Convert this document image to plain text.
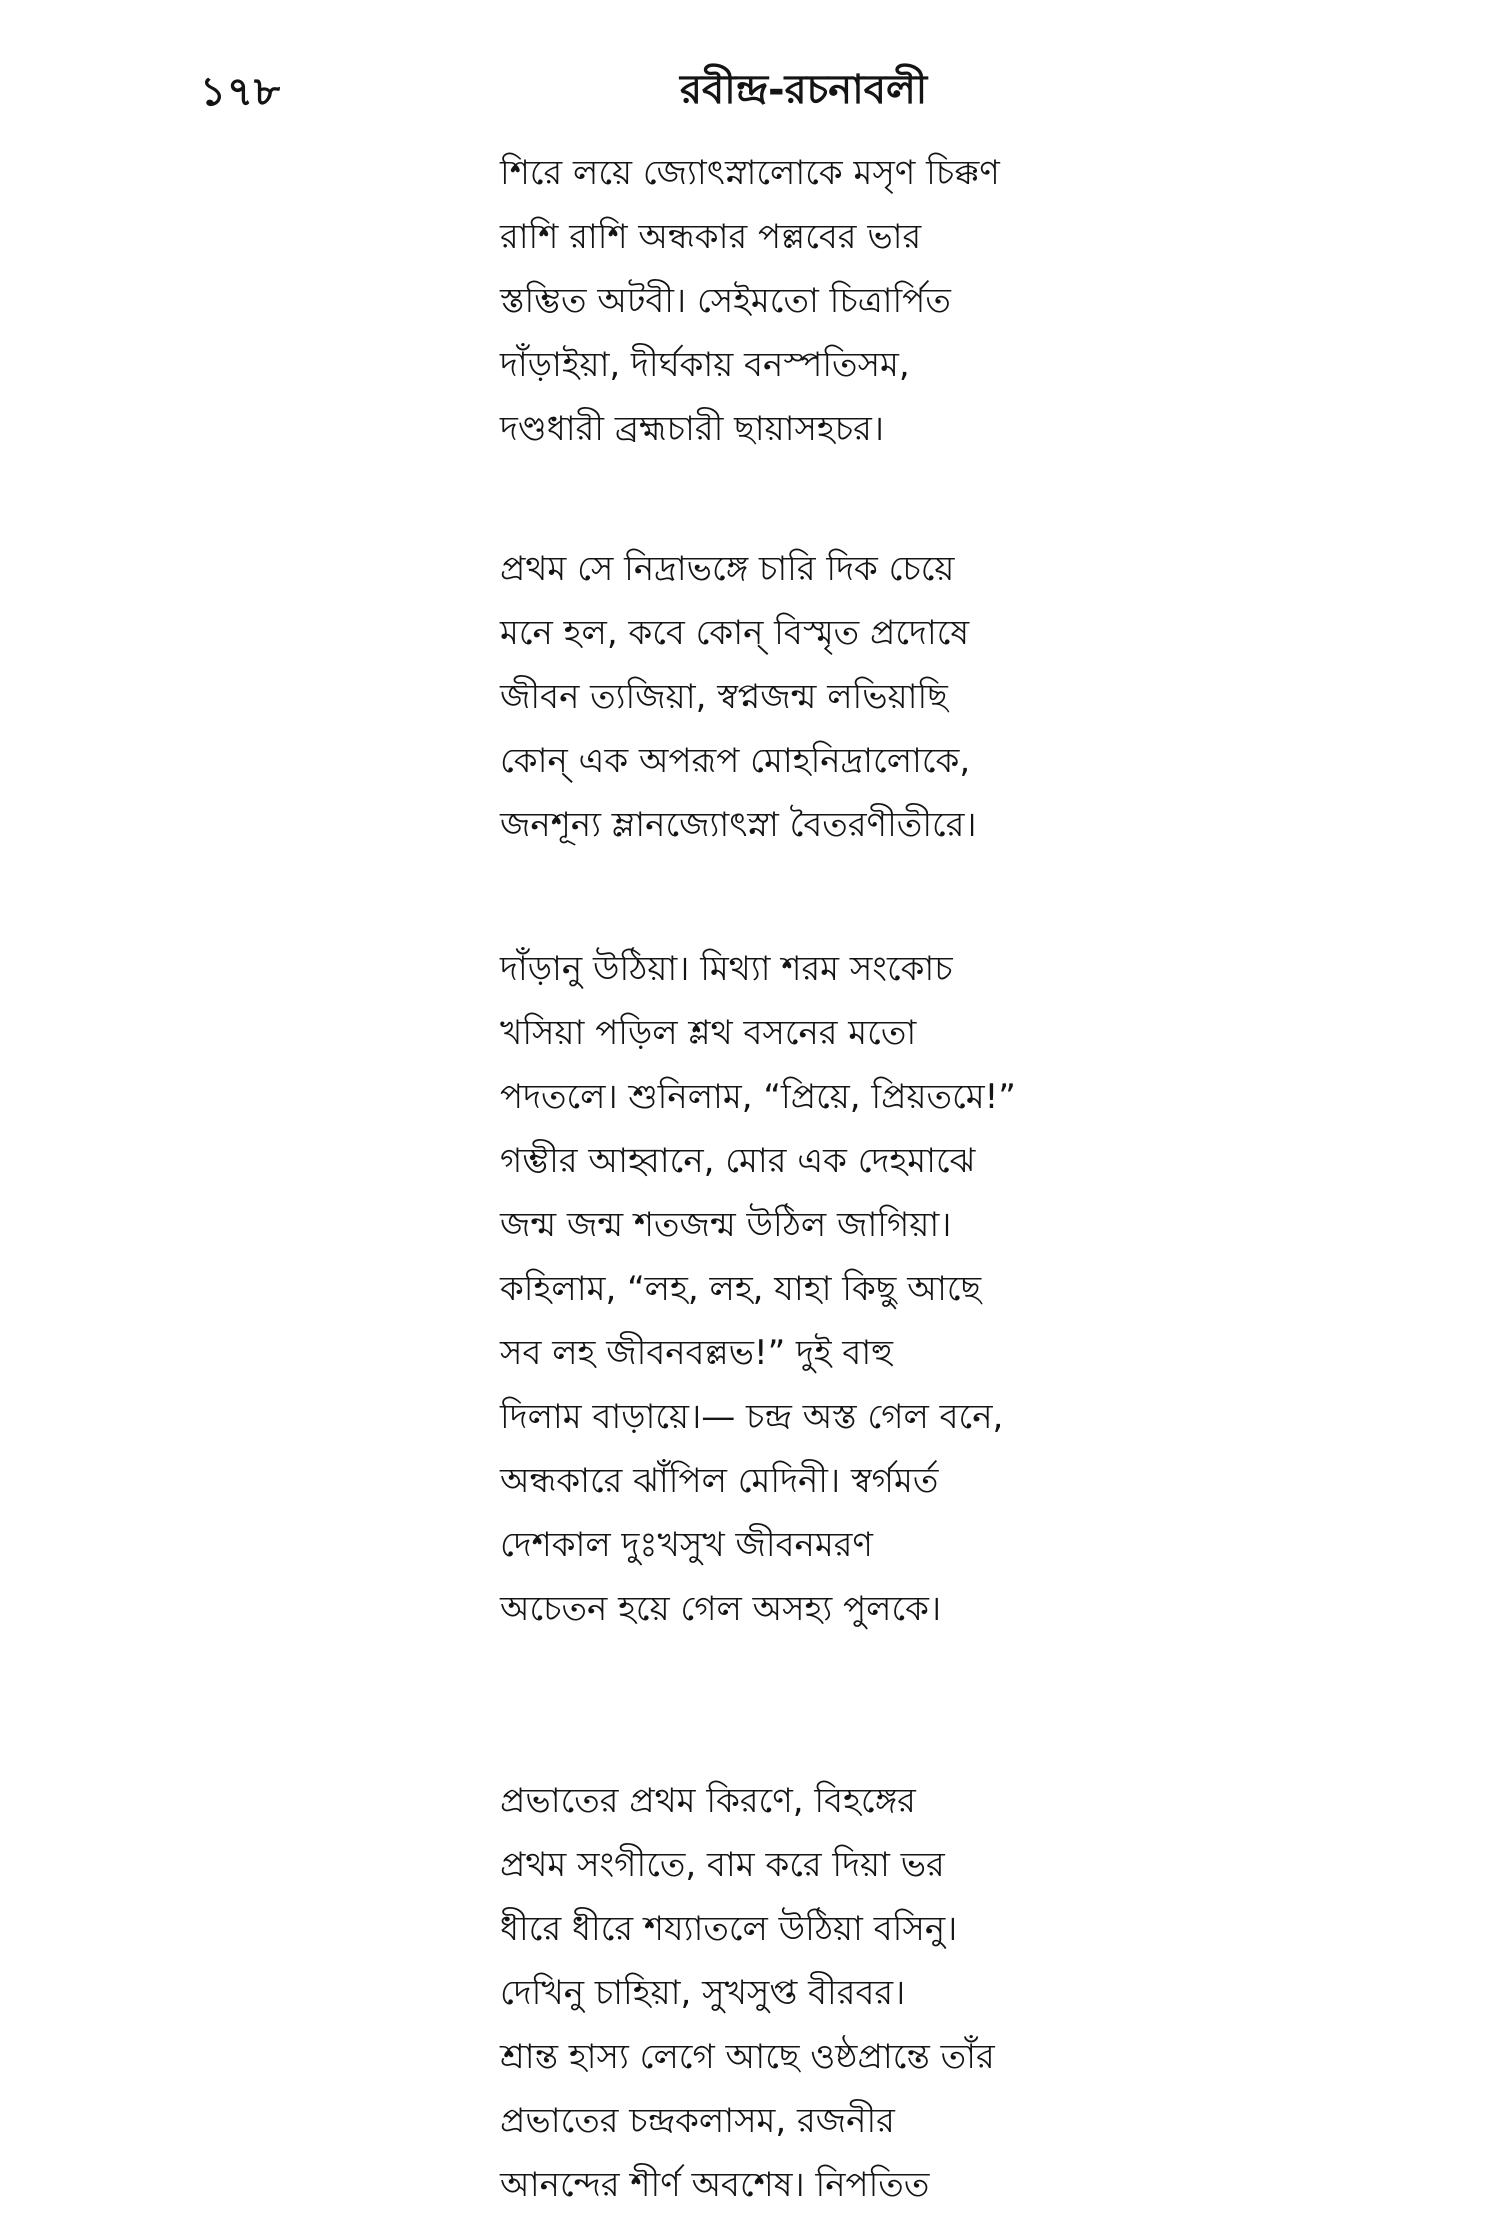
১৭৮	রবীন্দ্র-রচনাবলী
শিরে লয়ে জ্যোৎস্নালোকে মসৃণ চিক্কণ
রাশি রাশি অন্ধকার পল্লবের ভার
স্তম্ভিত অটবী। সেইমতো চিত্রার্পিত
দাঁড়াইয়া, দীর্ঘকায় বনস্পতিসম,
দণ্ডধারী ব্রহ্মচারী ছায়াসহচর।
প্রথম সে নিদ্রাভঙ্গে চারি দিক চেয়ে
মনে হল, কবে কোন্ বিস্মৃত প্রদোষে
জীবন ত্যজিয়া, স্বপ্নজন্ম লভিয়াছি
কোন্ এক অপরূপ মোহনিদ্রালোকে,
জনশূন্য ম্লানজ্যোৎস্না বৈতরণীতীরে।
দাঁড়ানু উঠিয়া। মিথ্যা শরম সংকোচ
খসিয়া পড়িল শ্লথ বসনের মতো
পদতলে। শুনিলাম, “প্রিয়ে, প্রিয়তমে!”
গম্ভীর আহ্বানে, মোর এক দেহমাঝে
জন্ম জন্ম শতজন্ম উঠিল জাগিয়া।
কহিলাম, “লহ, লহ, যাহা কিছু আছে
সব লহ জীবনবল্লভ!” দুই বাহু
দিলাম বাড়ায়ে।— চন্দ্র অস্ত গেল বনে,
অন্ধকারে ঝাঁপিল মেদিনী। স্বর্গমর্ত
দেশকাল দুঃখসুখ জীবনমরণ
অচেতন হয়ে গেল অসহ্য পুলকে।
প্রভাতের প্রথম কিরণে, বিহঙ্গের
প্রথম সংগীতে, বাম করে দিয়া ভর
ধীরে ধীরে শয্যাতলে উঠিয়া বসিনু।
দেখিনু চাহিয়া, সুখসুপ্ত বীরবর।
শ্রান্ত হাস্য লেগে আছে ওষ্ঠপ্রান্তে তাঁর
প্রভাতের চন্দ্রকলাসম, রজনীর
আনন্দের শীর্ণ অবশেষ। নিপতিত
